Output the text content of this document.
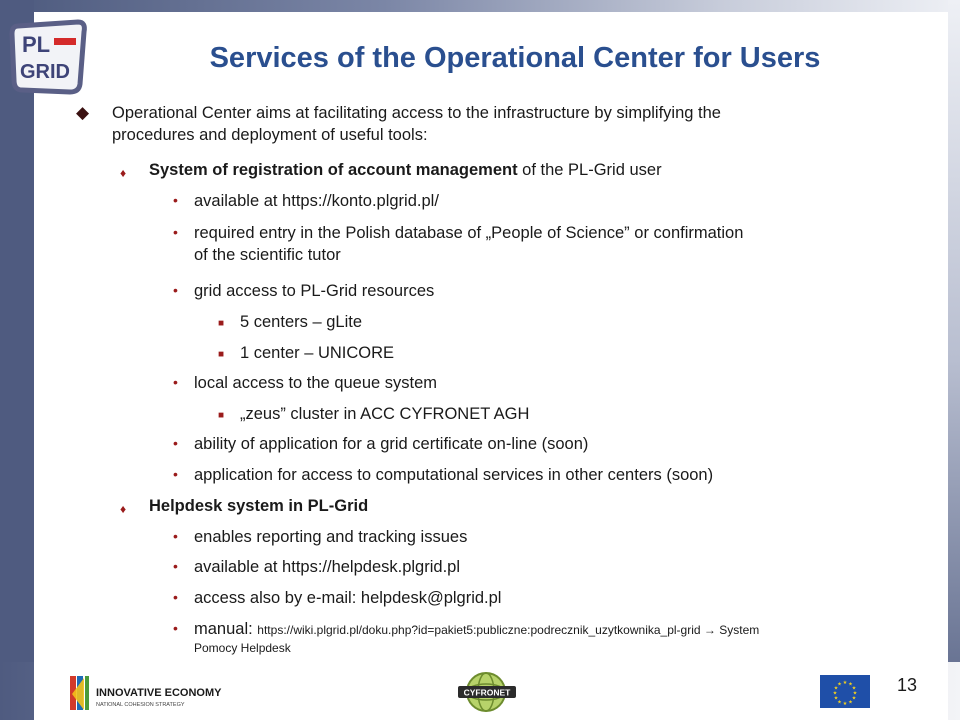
PL
GRID	Services of the Operational Center for Users
◆ Operational Center aims at facilitating access to the infrastructure by simplifying the
procedures and deployment of useful tools:
♦ System of registration of account management of the PL-Grid user
• available at https://konto.plgrid.pl/
• required entry in the Polish database of „People of Science” or confirmation
of the scientific tutor
• grid access to PL-Grid resources
■ 5 centers – gLite
■ 1 center – UNICORE
• local access to the queue system
■ „zeus” cluster in ACC CYFRONET AGH
• ability of application for a grid certificate on-line (soon)
• application for access to computational services in other centers (soon)
♦ Helpdesk system in PL-Grid
• enables reporting and tracking issues
• available at https://helpdesk.plgrid.pl
• access also by e-mail: helpdesk@plgrid.pl
• manual: https://wiki.plgrid.pl/doku.php?id=pakiet5:publiczne:podrecznik_uzytkownika_pl-grid → System
Pomocy Helpdesk
INNOVATIVE ECONOMY
NATIONAL COHESION STRATEGY
CYFRONET
★ ★
★
★
★
★
★
★
★
★
★
★	13
